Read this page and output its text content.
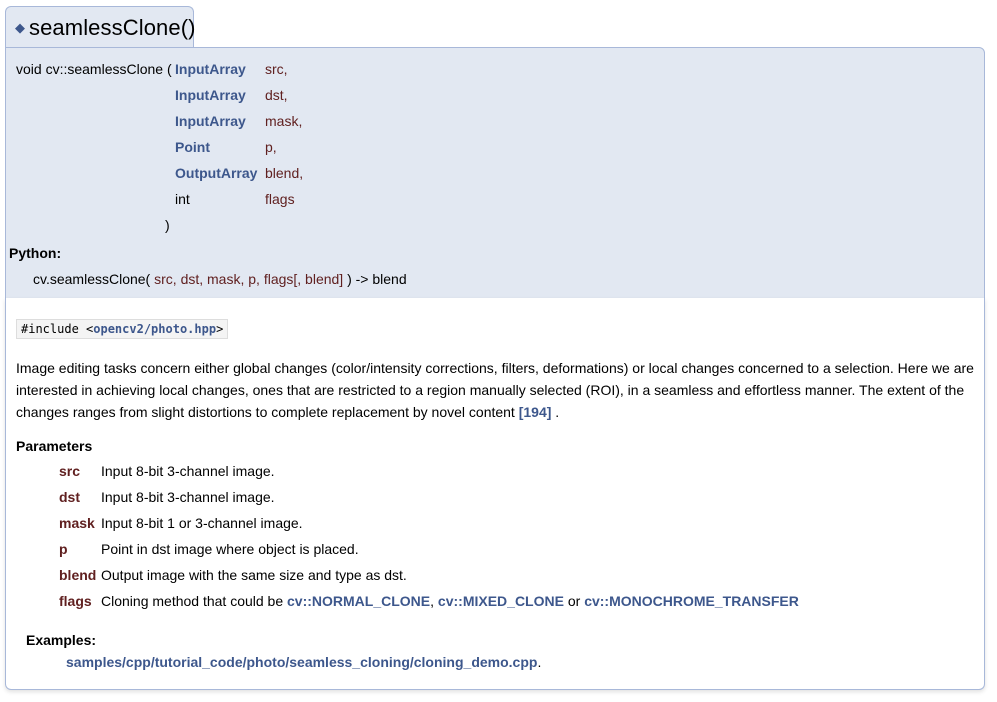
◆ seamlessClone()
void cv::seamlessClone ( InputArray src,
InputArray dst,
InputArray mask,
Point	p,
OutputArray blend,
int	flags
)
Python:
cv.seamlessClone( src, dst, mask, p, flags[, blend] ) -> blend
#include <opencv2/photo.hpp>
Image editing tasks concern either global changes (color/intensity corrections, filters, deformations) or local changes concerned to a selection. Here we are interested in achieving local changes, ones that are restricted to a region manually selected (ROI), in a seamless and effortless manner. The extent of the changes ranges from slight distortions to complete replacement by novel content [194] .
Parameters
src Input 8-bit 3-channel image.
dst Input 8-bit 3-channel image.
mask Input 8-bit 1 or 3-channel image.
p Point in dst image where object is placed.
blend Output image with the same size and type as dst.
flags Cloning method that could be cv::NORMAL_CLONE, cv::MIXED_CLONE or cv::MONOCHROME_TRANSFER
Examples:
samples/cpp/tutorial_code/photo/seamless_cloning/cloning_demo.cpp.
